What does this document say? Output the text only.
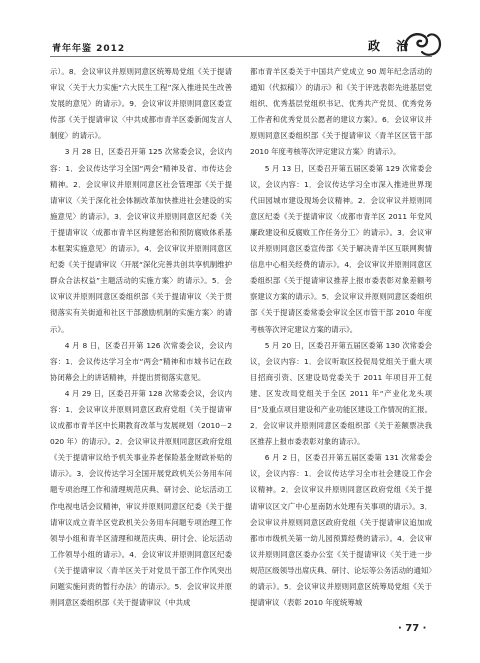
青年年鉴 2012	政 治

示）。8．会议审议并原则同意区统筹局党组《关于提请审议〈关于大力实施“六大民生工程”深入推进民生改善发展的意见〉的请示》。9．会议审议并原则同意区委宣传部《关于提请审议〈中共成都市青羊区委新闻发言人制度〉的请示》。

3 月 28 日，区委召开第 125 次常委会议，会议内容：1．会议传达学习全国“两会”精神及省、市传达会精神。2．会议审议并原则同意区社会管理部《关于提请审议〈关于深化社会体制改革加快推进社会建设的实施意见〉的请示》。3．会议审议并原则同意区纪委《关于提请审议〈成都市青羊区构建惩治和预防腐败体系基本框架实施意见〉的请示》。4．会议审议并原则同意区纪委《关于提请审议〈开展“深化完善共创共享机制维护群众合法权益”主题活动的实施方案〉的请示》。5．会议审议并原则同意区委组织部《关于提请审议〈关于贯彻落实有关街道和社区干部激励机制的实施方案〉的请示》。

4 月 8 日，区委召开第 126 次常委会议，会议内容：1．会议传达学习全市“两会”精神和市城书记在政协闭幕会上的讲话精神，并提出贯彻落实意见。

4 月 29 日，区委召开第 128 次常委会议，会议内容：1．会议审议并原则同意区政府党组《关于提请审议成都市青羊区中长期教育改革与发展规划（2010－2020 年）的请示》。2．会议审议并原则同意区政府党组《关于提请审议给予机关事业养老保险基金财政补贴的请示》。3．会议传达学习全国开展党政机关公务用车问题专项治理工作和清理规范庆典、研讨会、论坛活动工作电视电话会议精神，审议并原则同意区纪委《关于提请审议成立青羊区党政机关公务用车问题专项治理工作领导小组和青羊区清理和规范庆典、研讨会、论坛活动工作领导小组的请示》。4．会议审议并原则同意区纪委《关于提请审议〈青羊区关于对党员干部工作作风突出问题实施问责的暂行办法〉的请示》。5．会议审议并原则同意区委组织部《关于提请审议（中共成

都市青羊区委关于中国共产党成立 90 周年纪念活动的通知（代拟稿）〉的请示》和《关于评选表彰先进基层党组织、优秀基层党组织书记、优秀共产党员、优秀党务工作者和优秀党员公愿者的建议方案》。6．会议审议并原则同意区委组织部《关于提请审议〈青羊区区管干部 2010 年度考核等次评定建议方案〉的请示》。

5 月 13 日，区委召开第五届区委第 129 次常委会议，会议内容：1．会议传达学习全市深入推进世界现代田园城市建设现场会议精神。2．会议审议并原则同意区纪委《关于提请审议〈成都市青羊区 2011 年党风廉政建设和反腐败工作任务分工〉的请示》。3．会议审议并原则同意区委宣传部《关于解决青羊区互联网舆情信息中心相关经费的请示》。4．会议审议并原则同意区委组织部《关于提请审议推荐上报市委表彰对象差额考察建议方案的请示》。5．会议审议并原则同意区委组织部《关于提请区委常委会审议全区市管干部 2010 年度考核等次评定建议方案的请示》。

5 月 20 日，区委召开第五届区委第 130 次常委会议，会议内容：1．会议听取区投促局党组关于重大项目招商引资、区建设局党委关于 2011 年项目开工促建、区发改局党组关于全区 2011 年“产业化龙头项目”及重点项目建设和产业功能区建设工作情况的汇报。2．会议审议并原则同意区委组织部《关于差额票决我区推荐上报市委表彰对象的请示》。

6 月 2 日，区委召开第五届区委第 131 次常委会议，会议内容：1．会议传达学习全市社会建设工作会议精神。2．会议审议并原则同意区政府党组《关于提请审议区文广中心星南防水处理有关事项的请示》。3．会议审议并原则同意区政府党组《关于提请审议追加成都市市级机关第一幼儿园预算经费的请示》。4．会议审议并原则同意区委办公室《关于提请审议〈关于进一步规范区级领导出席庆典、研讨、论坛等公务活动的通知〉的请示》。5．会议审议并原则同意区统筹局党组《关于提请审议（表彰 2010 年度统筹城

· 77 ·
